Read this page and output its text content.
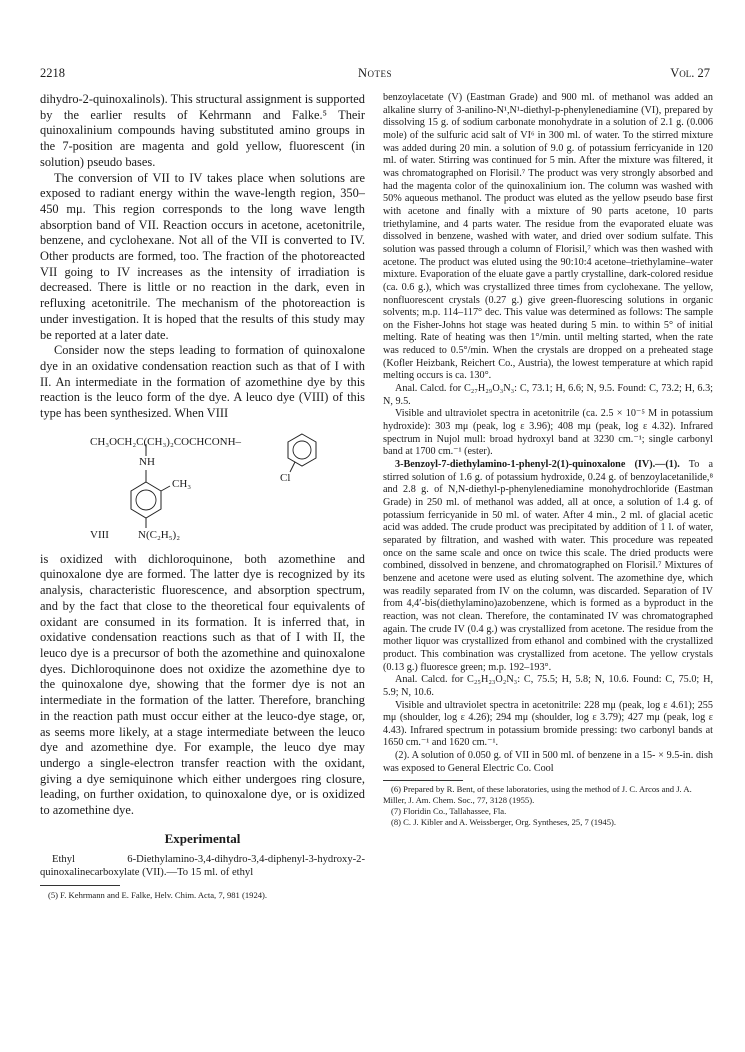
2218	Notes	Vol. 27

dihydro-2-quinoxalinols). This structural assignment is supported by the earlier results of Kehrmann and Falke.⁵ Their quinoxalinium compounds having substituted amino groups in the 7-position are magenta and gold yellow, fluorescent (in solution) pseudo bases.

The conversion of VII to IV takes place when solutions are exposed to radiant energy within the wave-length region, 350–450 mμ. This region corresponds to the long wave length absorption band of VII. Reaction occurs in acetone, acetonitrile, benzene, and cyclohexane. Not all of the VII is converted to IV. Other products are formed, too. The fraction of the photoreacted VII going to IV increases as the intensity of irradiation is decreased. There is little or no reaction in the dark, even in refluxing acetonitrile. The mechanism of the photoreaction is under investigation. It is hoped that the results of this study may be reported at a later date.

Consider now the steps leading to formation of quinoxalone dye in an oxidative condensation reaction such as that of I with II. An intermediate in the formation of azomethine dye by this reaction is the leuco form of the dye. A leuco dye (VIII) of this type has been synthesized. When VIII

CH₃OCH₂C(CH₃)₂COCHCONH–
NH
Cl
CH₃
VIII	N(C₂H₅)₂

is oxidized with dichloroquinone, both azomethine and quinoxalone dye are formed. The latter dye is recognized by its analysis, characteristic fluorescence, and absorption spectrum, and by the fact that close to the theoretical four equivalents of oxidant are consumed in its formation. It is inferred that, in oxidative condensation reactions such as that of I with II, the leuco dye is a precursor of both the azomethine and quinoxalone dyes. Dichloroquinone does not oxidize the azomethine dye to the quinoxalone dye, showing that the former dye is not an intermediate in the formation of the latter. Therefore, branching in the reaction path must occur either at the leuco-dye stage, or, as seems more likely, at a stage intermediate between the leuco dye and azomethine dye. For example, the leuco dye may undergo a single-electron transfer reaction with the oxidant, giving a dye semiquinone which either undergoes ring closure, leading, on further oxidation, to quinoxalone dye, or is oxidized to azomethine dye.

Experimental

Ethyl 6-Diethylamino-3,4-dihydro-3,4-diphenyl-3-hydroxy-2-quinoxalinecarboxylate (VII).—To 15 ml. of ethyl

(5) F. Kehrmann and E. Falke, Helv. Chim. Acta, 7, 981 (1924).

benzoylacetate (V) (Eastman Grade) and 900 ml. of methanol was added an alkaline slurry of 3-anilino-N¹,N¹-diethyl-p-phenylenediamine (VI), prepared by dissolving 15 g. of sodium carbonate monohydrate in a solution of 2.1 g. (0.006 mole) of the sulfuric acid salt of VI⁶ in 300 ml. of water. To the stirred mixture was added during 20 min. a solution of 9.0 g. of potassium ferricyanide in 120 ml. of water. Stirring was continued for 5 min. After the mixture was filtered, it was chromatographed on Florisil.⁷ The product was very strongly absorbed and had the magenta color of the quinoxalinium ion. The column was washed with 50% aqueous methanol. The product was eluted as the yellow pseudo base first with acetone and finally with a mixture of 90 parts acetone, 10 parts triethylamine, and 4 parts water. The residue from the evaporated eluate was dissolved in benzene, washed with water, and dried over sodium sulfate. This solution was passed through a column of Florisil,⁷ which was then washed with acetone. The product was eluted using the 90:10:4 acetone–triethylamine–water mixture. Evaporation of the eluate gave a partly crystalline, dark-colored residue (ca. 0.6 g.), which was crystallized three times from cyclohexane. The yellow, nonfluorescent crystals (0.27 g.) give green-fluorescing solutions in organic solvents; m.p. 114–117° dec. This value was determined as follows: The sample on the Fisher-Johns hot stage was heated during 5 min. to within 5° of initial melting. Rate of heating was then 1°/min. until melting started, when the rate was reduced to 0.5°/min. When the crystals are dropped on a preheated stage (Kofler Heizbank, Reichert Co., Austria), the lowest temperature at which rapid melting occurs is ca. 130°.

Anal. Calcd. for C₂₇H₂₉O₃N₃: C, 73.1; H, 6.6; N, 9.5. Found: C, 73.2; H, 6.3; N, 9.5.

Visible and ultraviolet spectra in acetonitrile (ca. 2.5 × 10⁻⁵ M in potassium hydroxide): 303 mμ (peak, log ε 3.96); 408 mμ (peak, log ε 4.32). Infrared spectrum in Nujol mull: broad hydroxyl band at 3230 cm.⁻¹; single carbonyl band at 1700 cm.⁻¹ (ester).

3-Benzoyl-7-diethylamino-1-phenyl-2(1)-quinoxalone (IV).—(1). To a stirred solution of 1.6 g. of potassium hydroxide, 0.24 g. of benzoylacetanilide,⁸ and 2.8 g. of N,N-diethyl-p-phenylenediamine monohydrochloride (Eastman Grade) in 250 ml. of methanol was added, all at once, a solution of 1.4 g. of potassium ferricyanide in 50 ml. of water. After 4 min., 2 ml. of glacial acetic acid was added. The crude product was precipitated by addition of 1 l. of water, separated by filtration, and washed with water. This procedure was repeated once on the same scale and once on twice this scale. The dried products were combined, dissolved in benzene, and chromatographed on Florisil.⁷ Mixtures of benzene and acetone were used as eluting solvent. The azomethine dye, which was readily separated from IV on the column, was discarded. Separation of IV from 4,4′-bis(diethylamino)azobenzene, which is formed as a byproduct in the reaction, was not clean. Therefore, the contaminated IV was chromatographed again. The crude IV (0.4 g.) was crystallized from acetone. The residue from the mother liquor was crystallized from ethanol and combined with the crystallized product. This combination was crystallized from acetone. The yellow crystals (0.13 g.) fluoresce green; m.p. 192–193°.

Anal. Calcd. for C₂₅H₂₃O₂N₃: C, 75.5; H, 5.8; N, 10.6. Found: C, 75.0; H, 5.9; N, 10.6.

Visible and ultraviolet spectra in acetonitrile: 228 mμ (peak, log ε 4.61); 255 mμ (shoulder, log ε 4.26); 294 mμ (shoulder, log ε 3.79); 427 mμ (peak, log ε 4.43). Infrared spectrum in potassium bromide pressing: two carbonyl bands at 1650 cm.⁻¹ and 1620 cm.⁻¹.

(2). A solution of 0.050 g. of VII in 500 ml. of benzene in a 15- × 9.5-in. dish was exposed to General Electric Co. Cool

(6) Prepared by R. Bent, of these laboratories, using the method of J. C. Arcos and J. A. Miller, J. Am. Chem. Soc., 77, 3128 (1955).

(7) Floridin Co., Tallahassee, Fla.

(8) C. J. Kibler and A. Weissberger, Org. Syntheses, 25, 7 (1945).
